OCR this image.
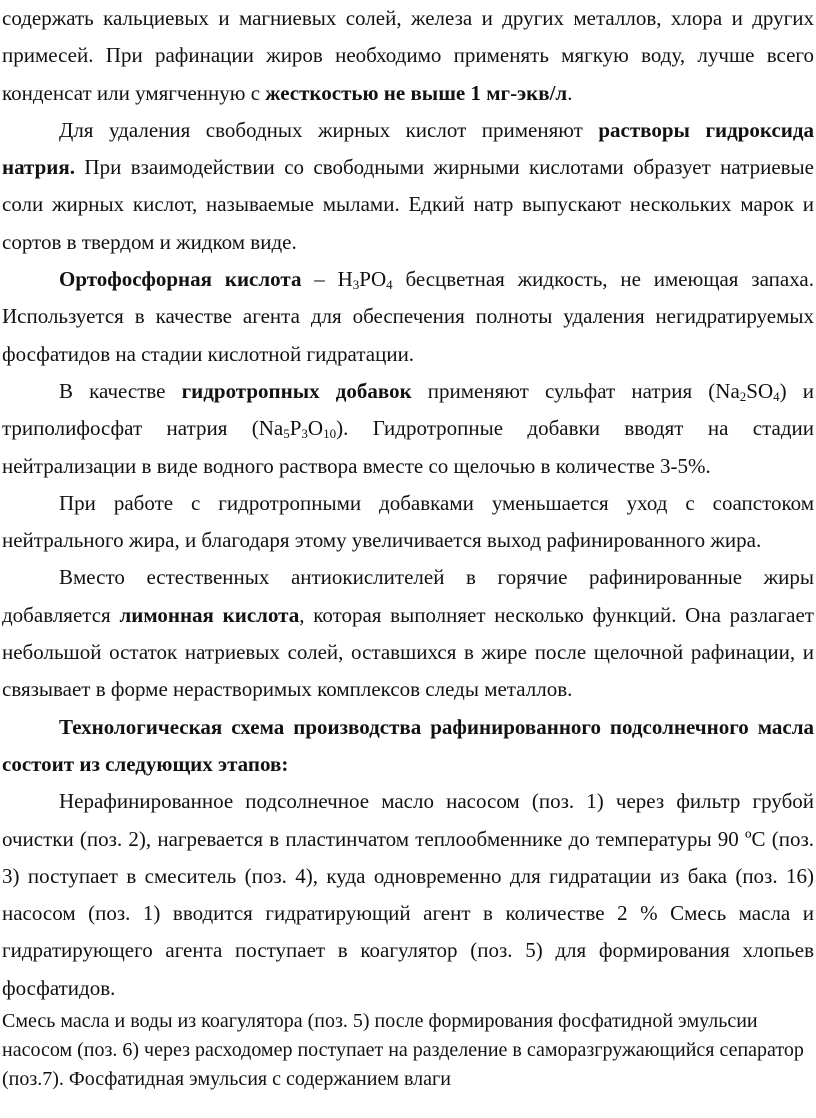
содержать кальциевых и магниевых солей, железа и других металлов, хлора и других примесей. При рафинации жиров необходимо применять мягкую воду, лучше всего конденсат или умягченную с жесткостью не выше 1 мг-экв/л.

Для удаления свободных жирных кислот применяют растворы гидроксида натрия. При взаимодействии со свободными жирными кислотами образует натриевые соли жирных кислот, называемые мылами. Едкий натр выпускают нескольких марок и сортов в твердом и жидком виде.

Ортофосфорная кислота – $H_3PO_4$ бесцветная жидкость, не имеющая запаха. Используется в качестве агента для обеспечения полноты удаления негидратируемых фосфатидов на стадии кислотной гидратации.

В качестве гидротропных добавок применяют сульфат натрия $(Na_2SO_4)$ и триполифосфат натрия $(Na_5P_3O_{10})$. Гидротропные добавки вводят на стадии нейтрализации в виде водного раствора вместе со щелочью в количестве 3-5%.

При работе с гидротропными добавками уменьшается уход с соапстоком нейтрального жира, и благодаря этому увеличивается выход рафинированного жира.

Вместо естественных антиокислителей в горячие рафинированные жиры добавляется лимонная кислота, которая выполняет несколько функций. Она разлагает небольшой остаток натриевых солей, оставшихся в жире после щелочной рафинации, и связывает в форме нерастворимых комплексов следы металлов.

Технологическая схема производства рафинированного подсолнечного масла состоит из следующих этапов:

Нерафинированное подсолнечное масло насосом (поз. 1) через фильтр грубой очистки (поз. 2), нагревается в пластинчатом теплообменнике до температуры 90 ºC (поз. 3) поступает в смеситель (поз. 4), куда одновременно для гидратации из бака (поз. 16) насосом (поз. 1) вводится гидратирующий агент в количестве 2 % Смесь масла и гидратирующего агента поступает в коагулятор (поз. 5) для формирования хлопьев фосфатидов.

Смесь масла и воды из коагулятора (поз. 5) после формирования фосфатидной эмульсии насосом (поз. 6) через расходомер поступает на разделение в саморазгружающийся сепаратор (поз.7). Фосфатидная эмульсия с содержанием влаги
